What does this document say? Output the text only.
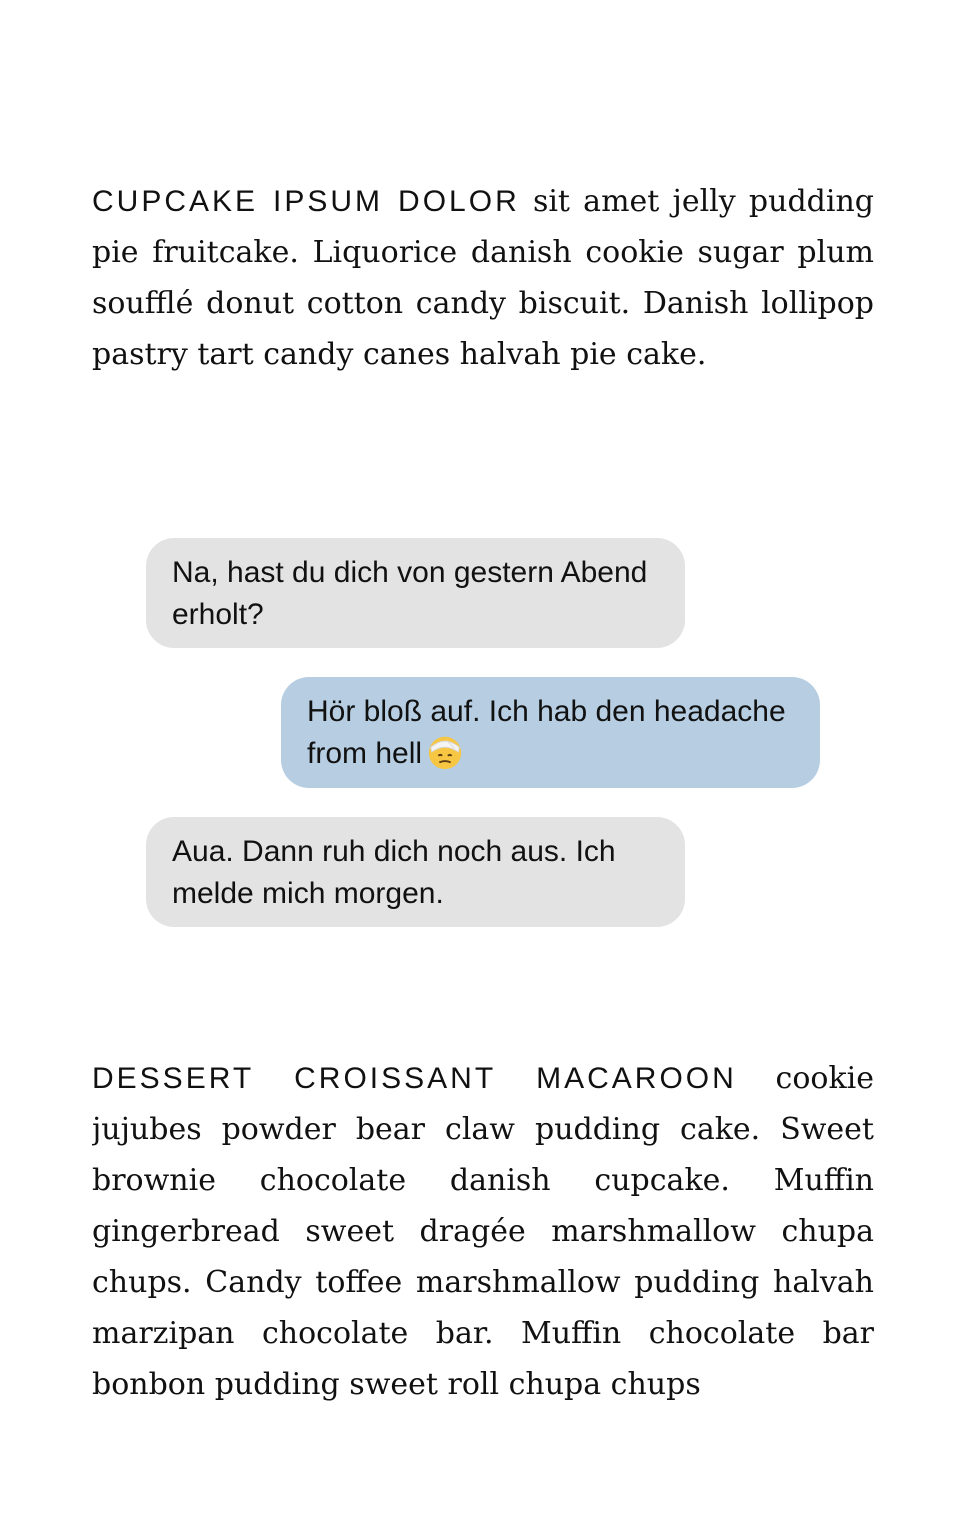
CUPCAKE IPSUM DOLOR sit amet jelly pudding pie fruitcake. Liquorice danish cookie sugar plum soufflé donut cotton candy biscuit. Danish lollipop pastry tart candy canes halvah pie cake.

Na, hast du dich von gestern Abend erholt?
Hör bloß auf. Ich hab den headache from hell
Aua. Dann ruh dich noch aus. Ich melde mich morgen.

DESSERT CROISSANT MACAROON cookie jujubes powder bear claw pudding cake. Sweet brownie chocolate danish cupcake. Muffin gingerbread sweet dragée marshmallow chupa chups. Candy toffee marshmallow pudding halvah marzipan chocolate bar. Muffin chocolate bar bonbon pudding sweet roll chupa chups
